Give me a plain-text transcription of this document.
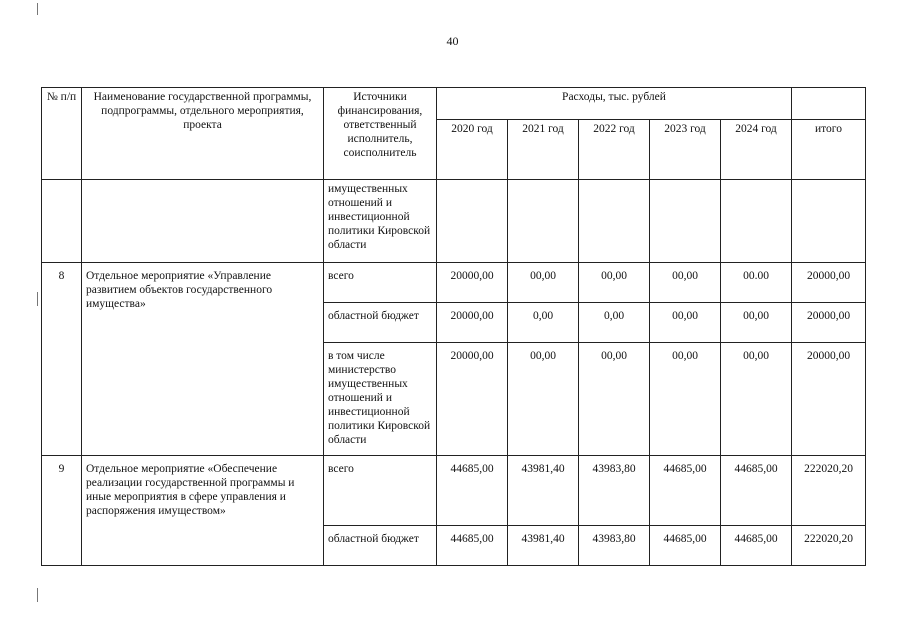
40
№ п/п	Наименование государственной программы, подпрограммы, отдельного мероприятия, проекта	Источники финансирования, ответственный исполнитель, соисполнитель	Расходы, тыс. рублей					
			2020 год	2021 год	2022 год	2023 год	2024 год	итого
		имущественных отношений и инвестиционной политики Кировской области						
8	Отдельное мероприятие «Управление развитием объектов государственного имущества»	всего	20000,00	00,00	00,00	00,00	00.00	20000,00
		областной бюджет	20000,00	0,00	0,00	00,00	00,00	20000,00
		в том числе министерство имущественных отношений и инвестиционной политики Кировской области	20000,00	00,00	00,00	00,00	00,00	20000,00
9	Отдельное мероприятие «Обеспечение реализации государственной программы и иные мероприятия в сфере управления и распоряжения имуществом»	всего	44685,00	43981,40	43983,80	44685,00	44685,00	222020,20
		областной бюджет	44685,00	43981,40	43983,80	44685,00	44685,00	222020,20
